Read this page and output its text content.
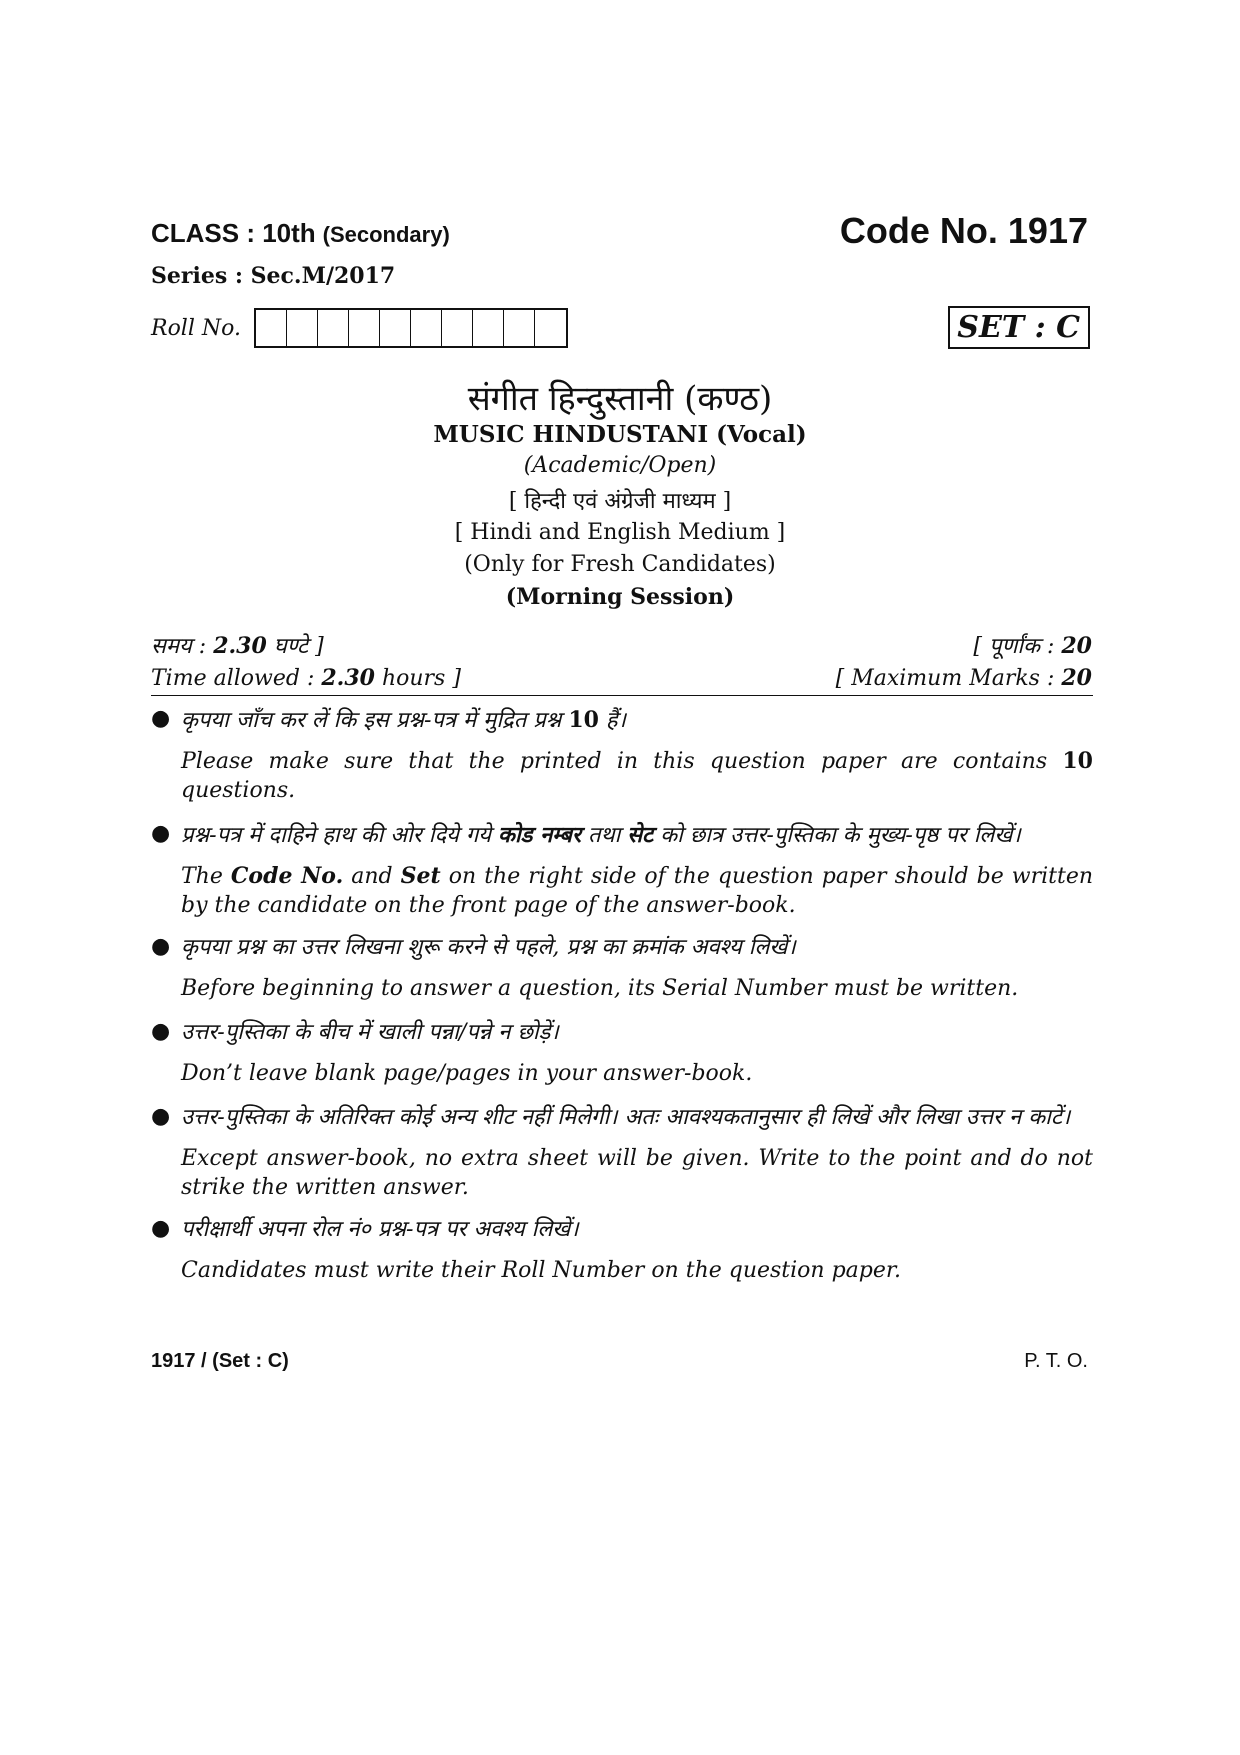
CLASS : 10th (Secondary)	Code No. 1917
Series : Sec.M/2017
Roll No.	SET : C
संगीत हिन्दुस्तानी (कण्ठ)
MUSIC HINDUSTANI (Vocal)
(Academic/Open)
[ हिन्दी एवं अंग्रेजी माध्यम ]
[ Hindi and English Medium ]
(Only for Fresh Candidates)
(Morning Session)
समय : 2.30 घण्टे ]	[ पूर्णांक : 20
Time allowed : 2.30 hours ]	[ Maximum Marks : 20
● कृपया जाँच कर लें कि इस प्रश्न-पत्र में मुद्रित प्रश्न 10 हैं।
Please make sure that the printed in this question paper are contains 10 questions.
● प्रश्न-पत्र में दाहिने हाथ की ओर दिये गये कोड नम्बर तथा सेट को छात्र उत्तर-पुस्तिका के मुख्य-पृष्ठ पर लिखें।
The Code No. and Set on the right side of the question paper should be written by the candidate on the front page of the answer-book.
● कृपया प्रश्न का उत्तर लिखना शुरू करने से पहले, प्रश्न का क्रमांक अवश्य लिखें।
Before beginning to answer a question, its Serial Number must be written.
● उत्तर-पुस्तिका के बीच में खाली पन्ना/पन्ने न छोड़ें।
Don’t leave blank page/pages in your answer-book.
● उत्तर-पुस्तिका के अतिरिक्त कोई अन्य शीट नहीं मिलेगी। अतः आवश्यकतानुसार ही लिखें और लिखा उत्तर न काटें।
Except answer-book, no extra sheet will be given. Write to the point and do not strike the written answer.
● परीक्षार्थी अपना रोल नं० प्रश्न-पत्र पर अवश्य लिखें।
Candidates must write their Roll Number on the question paper.
1917 / (Set : C)	P. T. O.
